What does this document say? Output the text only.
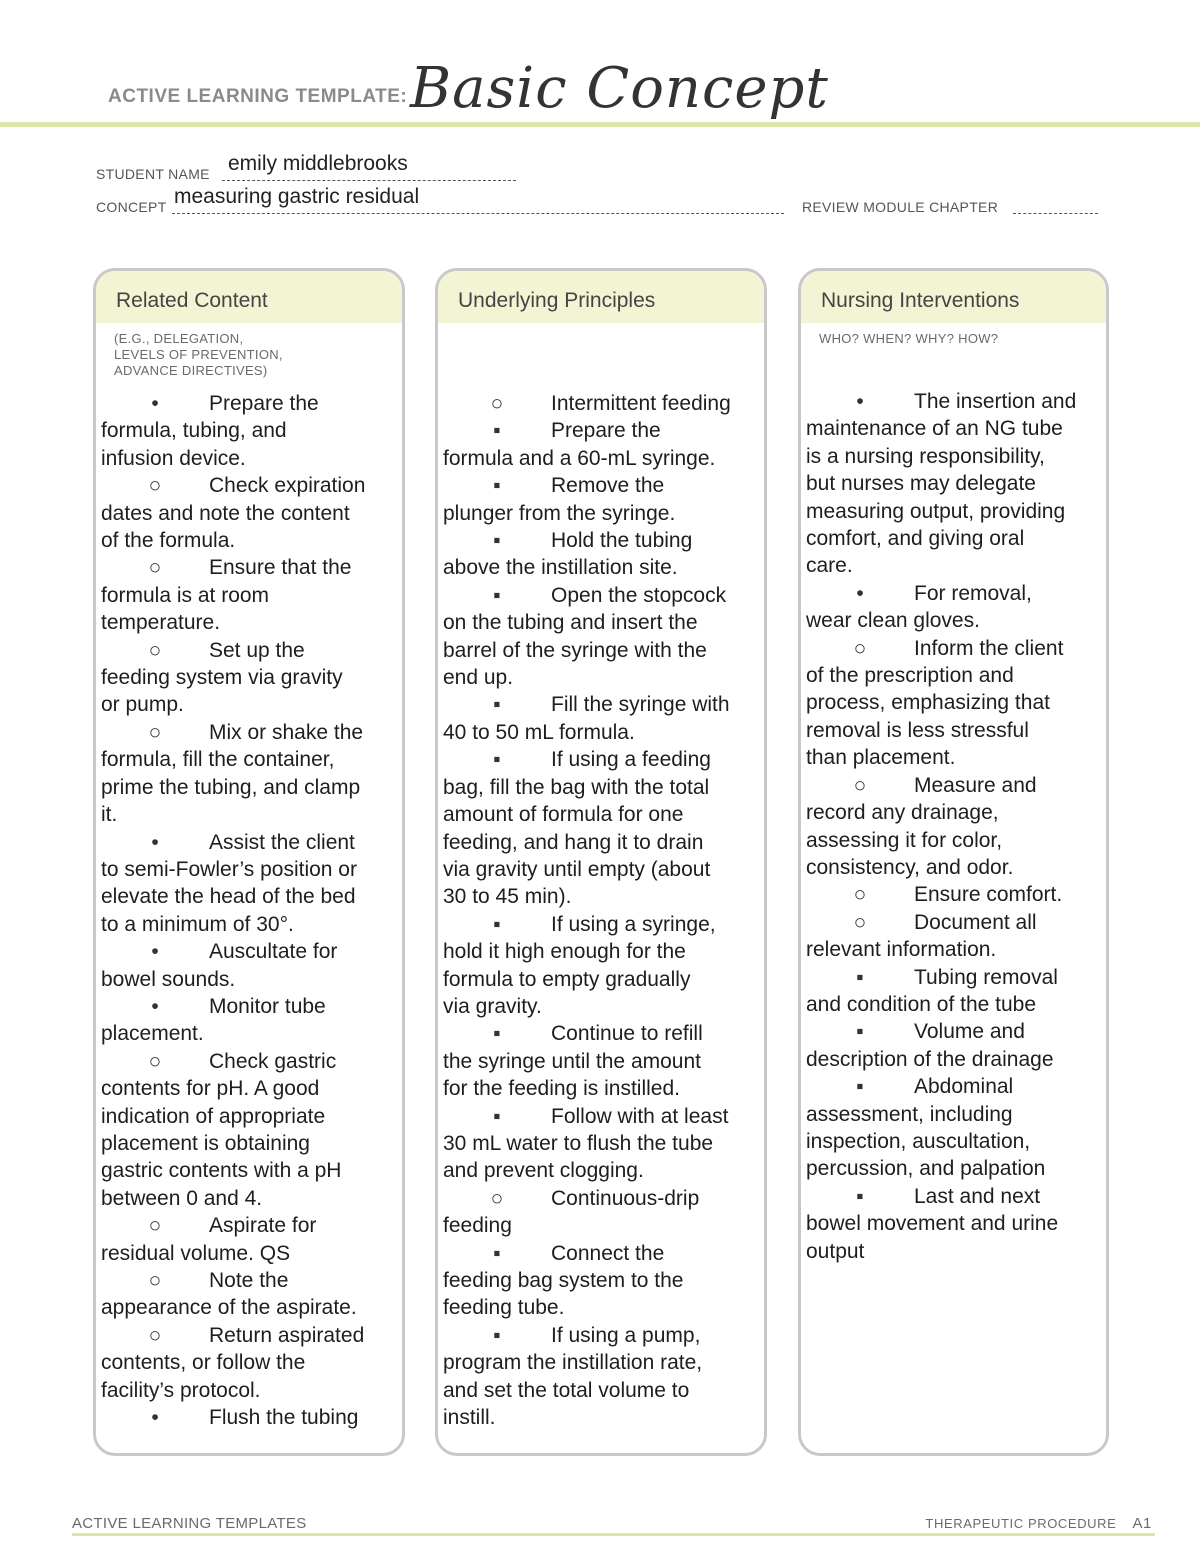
ACTIVE LEARNING TEMPLATE: Basic Concept
STUDENT NAME emily middlebrooks
CONCEPT measuring gastric residual	REVIEW MODULE CHAPTER
Related Content
(E.G., DELEGATION,
LEVELS OF PREVENTION,
ADVANCE DIRECTIVES)
• Prepare the
formula, tubing, and
infusion device.
○ Check expiration
dates and note the content
of the formula.
○ Ensure that the
formula is at room
temperature.
○ Set up the
feeding system via gravity
or pump.
○ Mix or shake the
formula, fill the container,
prime the tubing, and clamp
it.
• Assist the client
to semi-Fowler’s position or
elevate the head of the bed
to a minimum of 30°.
• Auscultate for
bowel sounds.
• Monitor tube
placement.
○ Check gastric
contents for pH. A good
indication of appropriate
placement is obtaining
gastric contents with a pH
between 0 and 4.
○ Aspirate for
residual volume. QS
○ Note the
appearance of the aspirate.
○ Return aspirated
contents, or follow the
facility’s protocol.
• Flush the tubing
Underlying Principles
○ Intermittent feeding
▪ Prepare the
formula and a 60-mL syringe.
▪ Remove the
plunger from the syringe.
▪ Hold the tubing
above the instillation site.
▪ Open the stopcock
on the tubing and insert the
barrel of the syringe with the
end up.
▪ Fill the syringe with
40 to 50 mL formula.
▪ If using a feeding
bag, fill the bag with the total
amount of formula for one
feeding, and hang it to drain
via gravity until empty (about
30 to 45 min).
▪ If using a syringe,
hold it high enough for the
formula to empty gradually
via gravity.
▪ Continue to refill
the syringe until the amount
for the feeding is instilled.
▪ Follow with at least
30 mL water to flush the tube
and prevent clogging.
○ Continuous-drip
feeding
▪ Connect the
feeding bag system to the
feeding tube.
▪ If using a pump,
program the instillation rate,
and set the total volume to
instill.
Nursing Interventions
WHO? WHEN? WHY? HOW?
• The insertion and
maintenance of an NG tube
is a nursing responsibility,
but nurses may delegate
measuring output, providing
comfort, and giving oral
care.
• For removal,
wear clean gloves.
○ Inform the client
of the prescription and
process, emphasizing that
removal is less stressful
than placement.
○ Measure and
record any drainage,
assessing it for color,
consistency, and odor.
○ Ensure comfort.
○ Document all
relevant information.
▪ Tubing removal
and condition of the tube
▪ Volume and
description of the drainage
▪ Abdominal
assessment, including
inspection, auscultation,
percussion, and palpation
▪ Last and next
bowel movement and urine
output
ACTIVE LEARNING TEMPLATES	THERAPEUTIC PROCEDURE A1
